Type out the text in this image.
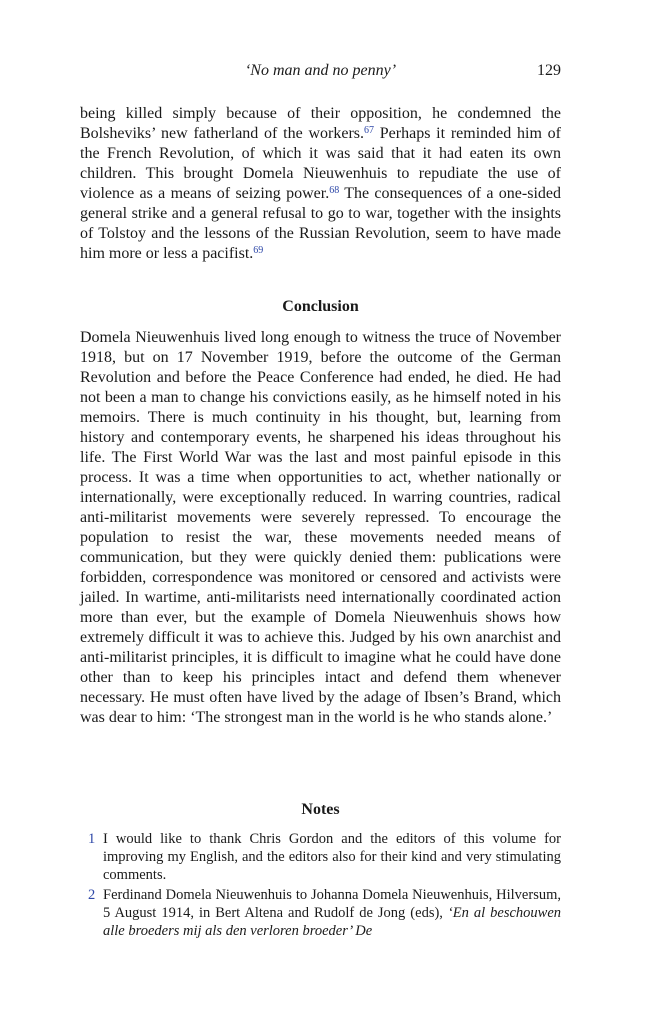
‘No man and no penny’	129

being killed simply because of their opposition, he condemned the Bolsheviks’ new fatherland of the workers.$^{67}$ Perhaps it reminded him of the French Revolution, of which it was said that it had eaten its own children. This brought Domela Nieuwenhuis to repudiate the use of violence as a means of seizing power.$^{68}$ The consequences of a one-sided general strike and a general refusal to go to war, together with the insights of Tolstoy and the lessons of the Russian Revolution, seem to have made him more or less a pacifist.$^{69}$

Conclusion

Domela Nieuwenhuis lived long enough to witness the truce of November 1918, but on 17 November 1919, before the outcome of the German Revolution and before the Peace Conference had ended, he died. He had not been a man to change his convictions easily, as he himself noted in his memoirs. There is much continuity in his thought, but, learning from history and contemporary events, he sharpened his ideas throughout his life. The First World War was the last and most painful episode in this process. It was a time when opportunities to act, whether nationally or internationally, were exceptionally reduced. In warring countries, radical anti-militarist movements were severely repressed. To encourage the population to resist the war, these movements needed means of communication, but they were quickly denied them: publications were forbidden, correspondence was monitored or censored and activists were jailed. In wartime, anti-militarists need internationally coordinated action more than ever, but the example of Domela Nieuwenhuis shows how extremely difficult it was to achieve this. Judged by his own anarchist and anti-militarist principles, it is difficult to imagine what he could have done other than to keep his principles intact and defend them whenever necessary. He must often have lived by the adage of Ibsen’s Brand, which was dear to him: ‘The strongest man in the world is he who stands alone.’

Notes
1 I would like to thank Chris Gordon and the editors of this volume for improving my English, and the editors also for their kind and very stimulating comments.
2 Ferdinand Domela Nieuwenhuis to Johanna Domela Nieuwenhuis, Hilversum, 5 August 1914, in Bert Altena and Rudolf de Jong (eds), ‘En al beschouwen alle broeders mij als den verloren broeder’ De
